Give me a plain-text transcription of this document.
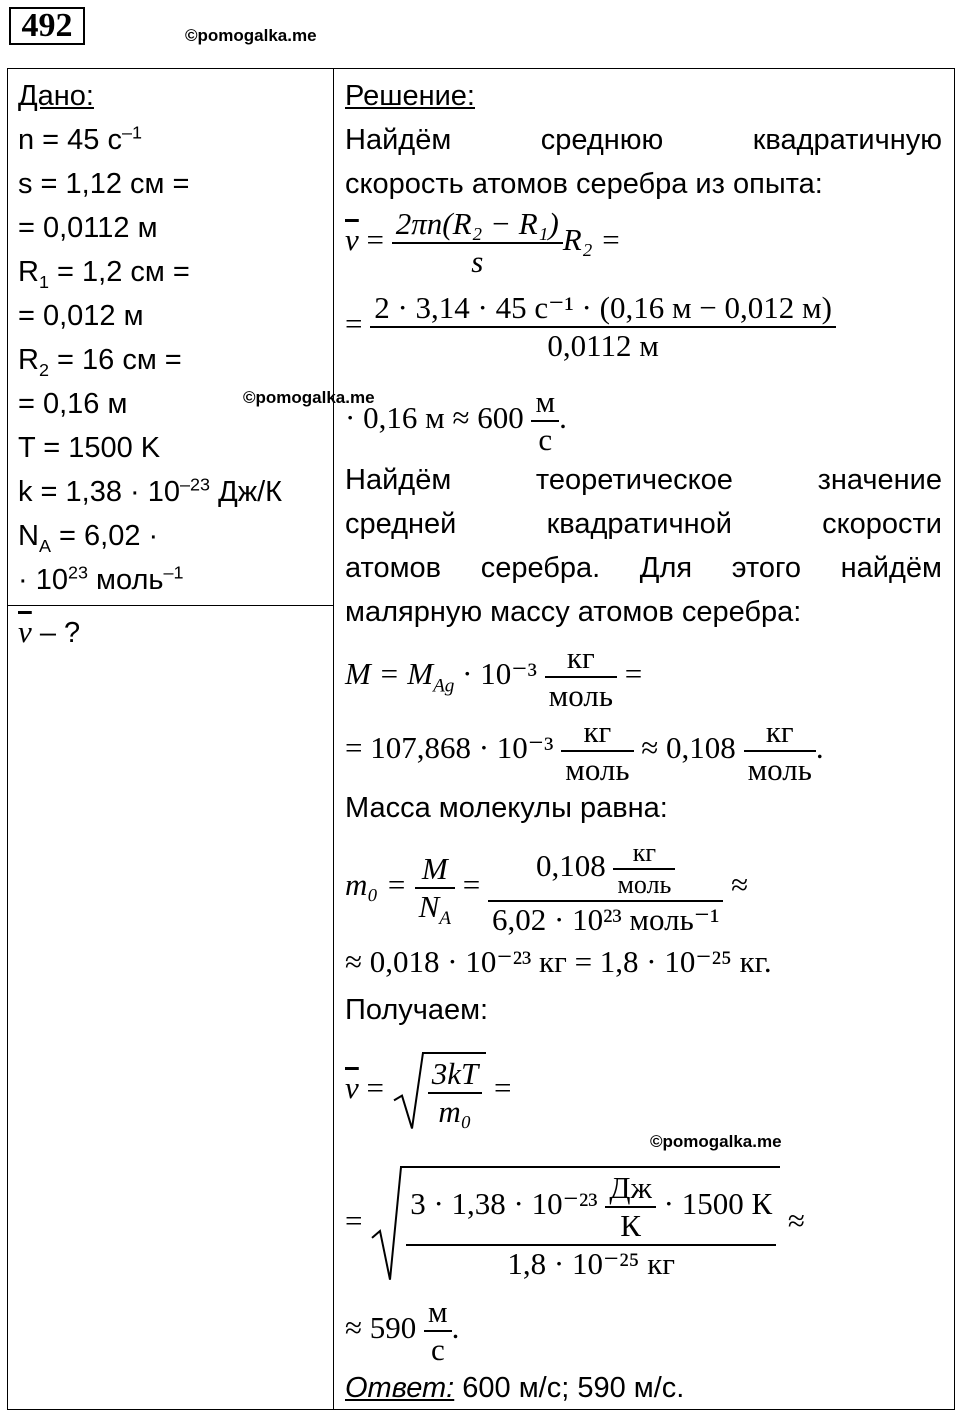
492	©pomogalka.me
Дано:
n = 45 $с^{-1}$
s = 1,12 см =
= 0,0112 м
$R_1 = 1,2$ см =
= 0,012 м
$R_2 = 16$ см =
= 0,16 м
T = 1500 K
$k = 1,38 \cdot 10^{-23}$ Дж/К
$N_A = 6,02$ ·
· $10^{23}$ моль$^{-1}$
$\overline{v}$ – ?
©pomogalka.me
©pomogalka.me
Решение:
Найдём среднюю квадратичную
скорость атомов серебра из опыта:
$\overline{v} = \frac{\text{2πn(R₂ − R₁)}}{s} R_2$ =
= $\frac{\text{2 · 3,14 · 45 с⁻¹ · (0,16 м − 0,012 м)}}{0,0112 м}$
· 0,16 $м \approx 600 \frac{м}{с}$ .
Найдём теоретическое значение
средней квадратичной скорости
атомов серебра. Для этого найдём
малярную массу атомов серебра:
$M = M_{Ag} \cdot 10^{-3} \frac{кг}{\text{моль}}$ =
= $107,868 \cdot 10^{-3} \frac{кг}{\text{моль}} \approx 0,108 \frac{кг}{\text{моль}}$ .
Масса молекулы равна:
$m_0 = \frac{M}{N_A} = \frac{0,108 \frac{кг}{\text{моль}}}{\text{6,02 · 10²³ моль⁻¹}}$ ≈
≈ 0,018 · 10⁻²³ кг = 1,8 · 10⁻²⁵ кг.
Получаем:
$\overline{v} = \frac{3kT}{\text{m₀}}$ =
= $\frac{3 \cdot 1,38 \cdot 10^{-23} \frac{Дж}{К} \cdot 1500 К}{\text{1,8 · 10⁻²⁵ кг}}$ ≈
≈ $590 \frac{м}{с}$ .
Ответ: 600 м/с; 590 м/с.
